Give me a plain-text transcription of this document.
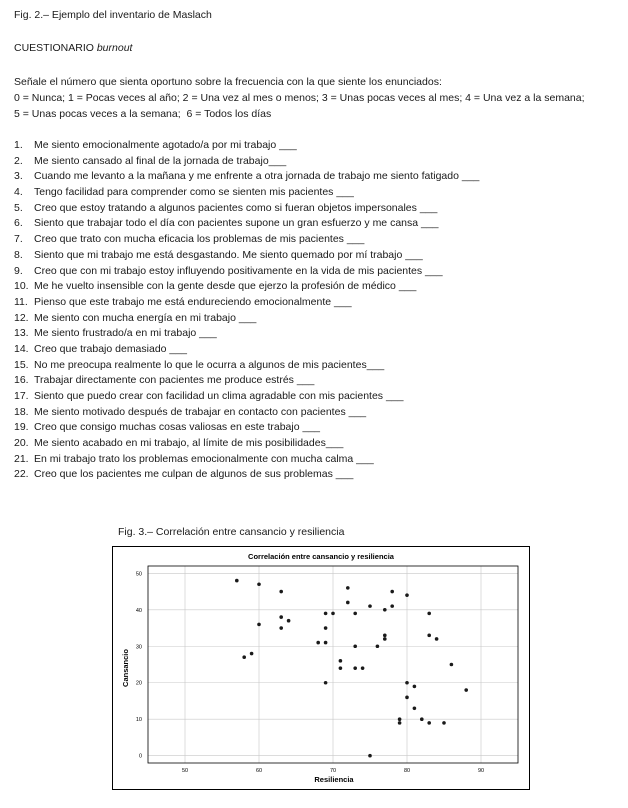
Fig. 2.– Ejemplo del inventario de Maslach
CUESTIONARIO burnout
Señale el número que sienta oportuno sobre la frecuencia con la que siente los enunciados:
0 = Nunca; 1 = Pocas veces al año; 2 = Una vez al mes o menos; 3 = Unas pocas veces al mes; 4 = Una vez a la semana;
5 = Unas pocas veces a la semana;  6 = Todos los días
1. Me siento emocionalmente agotado/a por mi trabajo ___
2. Me siento cansado al final de la jornada de trabajo___
3. Cuando me levanto a la mañana y me enfrente a otra jornada de trabajo me siento fatigado ___
4. Tengo facilidad para comprender como se sienten mis pacientes ___
5. Creo que estoy tratando a algunos pacientes como si fueran objetos impersonales ___
6. Siento que trabajar todo el día con pacientes supone un gran esfuerzo y me cansa ___
7. Creo que trato con mucha eficacia los problemas de mis pacientes ___
8. Siento que mi trabajo me está desgastando. Me siento quemado por mí trabajo ___
9. Creo que con mi trabajo estoy influyendo positivamente en la vida de mis pacientes ___
10. Me he vuelto insensible con la gente desde que ejerzo la profesión de médico ___
11. Pienso que este trabajo me está endureciendo emocionalmente ___
12. Me siento con mucha energía en mi trabajo ___
13. Me siento frustrado/a en mi trabajo ___
14. Creo que trabajo demasiado ___
15. No me preocupa realmente lo que le ocurra a algunos de mis pacientes___
16. Trabajar directamente con pacientes me produce estrés ___
17. Siento que puedo crear con facilidad un clima agradable con mis pacientes ___
18. Me siento motivado después de trabajar en contacto con pacientes ___
19. Creo que consigo muchas cosas valiosas en este trabajo ___
20. Me siento acabado en mi trabajo, al límite de mis posibilidades___
21. En mi trabajo trato los problemas emocionalmente con mucha calma ___
22. Creo que los pacientes me culpan de algunos de sus problemas ___
Fig. 3.– Correlación entre cansancio y resiliencia
Correlación entre cansancio y resiliencia
50	60	70	80	90
0
10
20
30
40
50
Resiliencia
Cansancio
